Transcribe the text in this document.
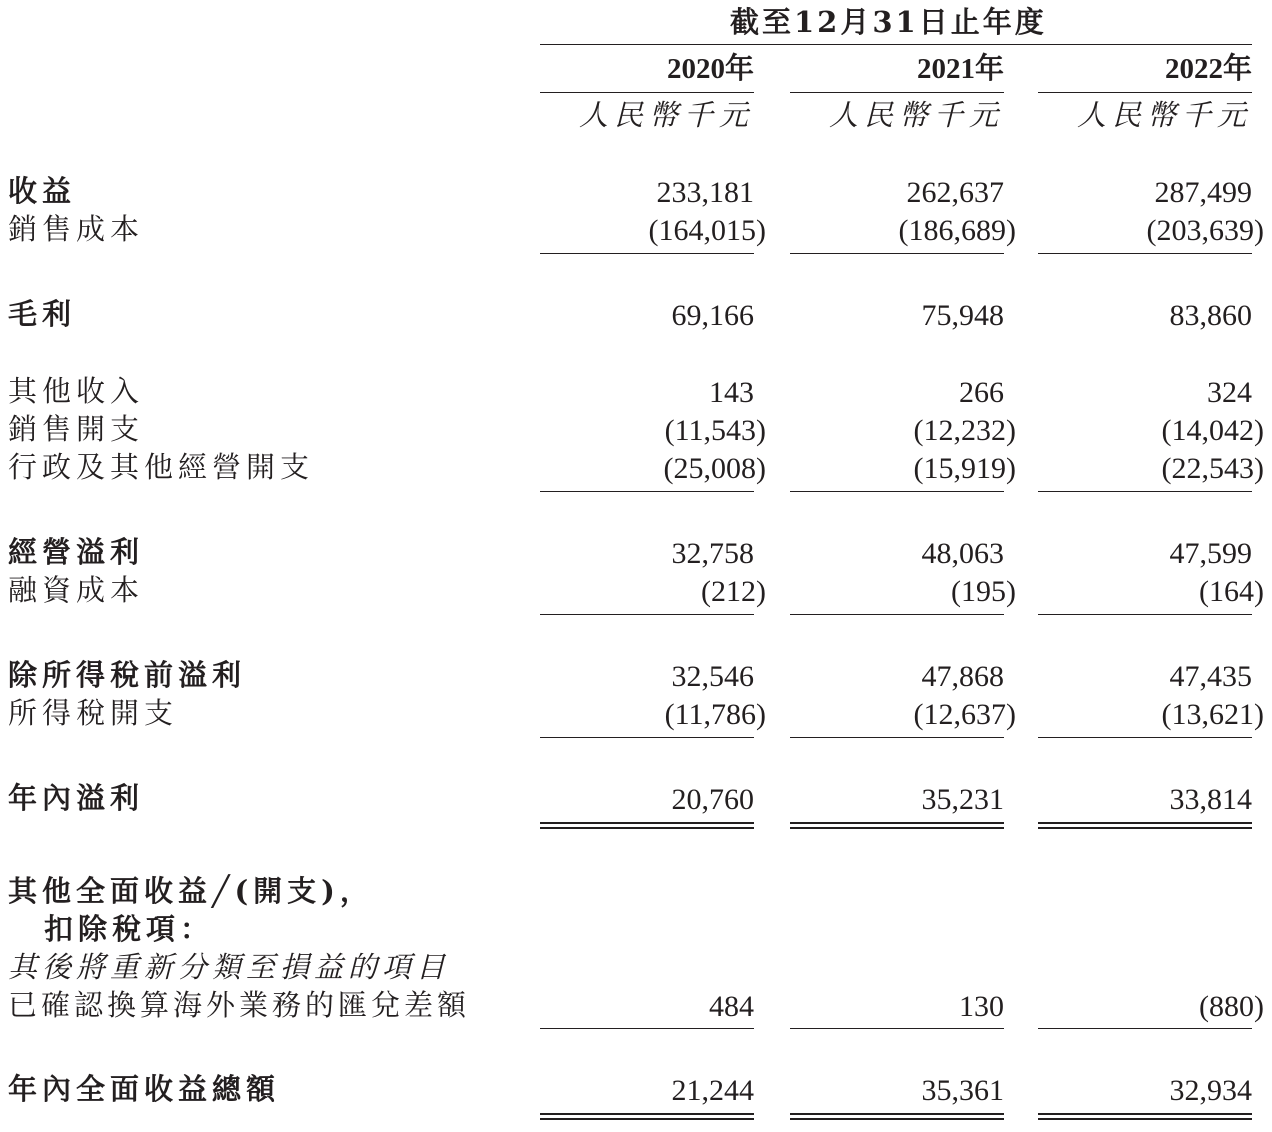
截至12月31日止年度
2020年	2021年	2022年
人民幣千元	人民幣千元	人民幣千元
收益	233,181	262,637	287,499
銷售成本	(164,015)	(186,689)	(203,639)
毛利	69,166	75,948	83,860
其他收入	143	266	324
銷售開支	(11,543)	(12,232)	(14,042)
行政及其他經營開支	(25,008)	(15,919)	(22,543)
經營溢利	32,758	48,063	47,599
融資成本	(212)	(195)	(164)
除所得稅前溢利	32,546	47,868	47,435
所得稅開支	(11,786)	(12,637)	(13,621)
年內溢利	20,760	35,231	33,814
其他全面收益╱(開支)，
扣除稅項：
其後將重新分類至損益的項目
已確認換算海外業務的匯兌差額	484	130	(880)
年內全面收益總額	21,244	35,361	32,934
